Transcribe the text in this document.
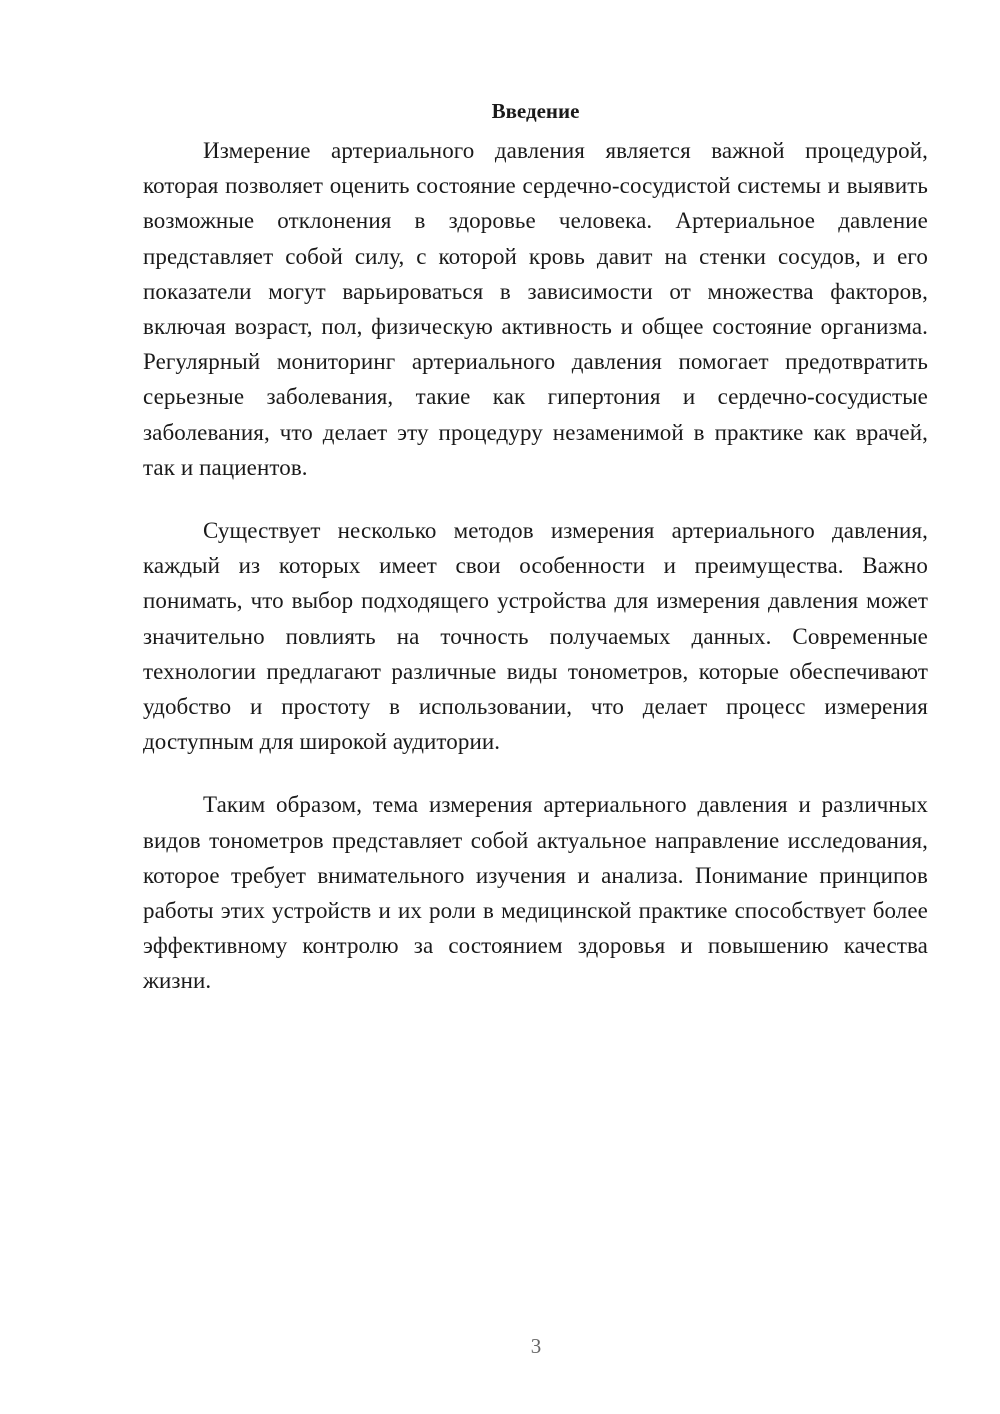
Введение

Измерение артериального давления является важной процедурой, которая позволяет оценить состояние сердечно-сосудистой системы и выявить возможные отклонения в здоровье человека. Артериальное давление представляет собой силу, с которой кровь давит на стенки сосудов, и его показатели могут варьироваться в зависимости от множества факторов, включая возраст, пол, физическую активность и общее состояние организма. Регулярный мониторинг артериального давления помогает предотвратить серьезные заболевания, такие как гипертония и сердечно-сосудистые заболевания, что делает эту процедуру незаменимой в практике как врачей, так и пациентов.

Существует несколько методов измерения артериального давления, каждый из которых имеет свои особенности и преимущества. Важно понимать, что выбор подходящего устройства для измерения давления может значительно повлиять на точность получаемых данных. Современные технологии предлагают различные виды тонометров, которые обеспечивают удобство и простоту в использовании, что делает процесс измерения доступным для широкой аудитории.

Таким образом, тема измерения артериального давления и различных видов тонометров представляет собой актуальное направление исследования, которое требует внимательного изучения и анализа. Понимание принципов работы этих устройств и их роли в медицинской практике способствует более эффективному контролю за состоянием здоровья и повышению качества жизни.

3
